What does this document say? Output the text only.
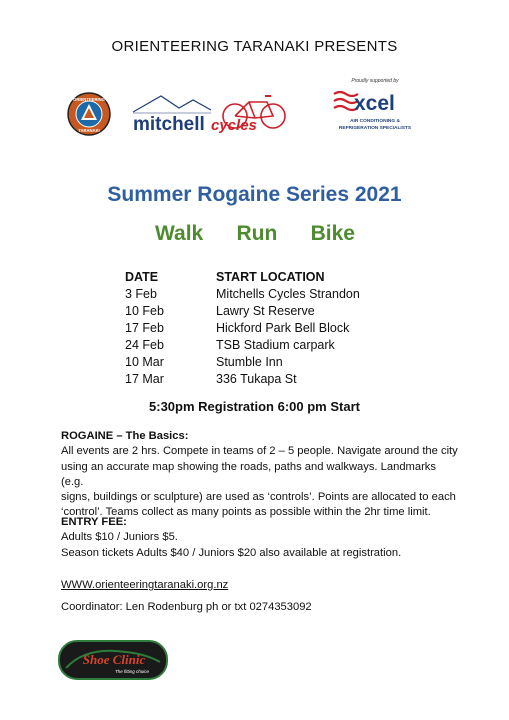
ORIENTEERING TARANAKI PRESENTS
ORIENTEERING
TARANAKI mitchell cycles
Proudly supported by
xcel
AIR CONDITIONING &
REFRIGERATION SPECIALISTS
Summer Rogaine Series 2021
Walk Run Bike
DATE	START LOCATION
3 Feb	Mitchells Cycles Strandon
10 Feb	Lawry St Reserve
17 Feb	Hickford Park Bell Block
24 Feb	TSB Stadium carpark
10 Mar	Stumble Inn
17 Mar	336 Tukapa St
5:30pm Registration 6:00 pm Start
ROGAINE – The Basics:
All events are 2 hrs. Compete in teams of 2 – 5 people. Navigate around the city
using an accurate map showing the roads, paths and walkways. Landmarks (e.g.
signs, buildings or sculpture) are used as ‘controls’. Points are allocated to each
‘control’. Teams collect as many points as possible within the 2hr time limit.
ENTRY FEE:
Adults $10 / Juniors $5.
Season tickets Adults $40 / Juniors $20 also available at registration.
WWW.orienteeringtaranaki.org.nz
Coordinator: Len Rodenburg ph or txt 0274353092
Shoe Clinic
The fitting choice
